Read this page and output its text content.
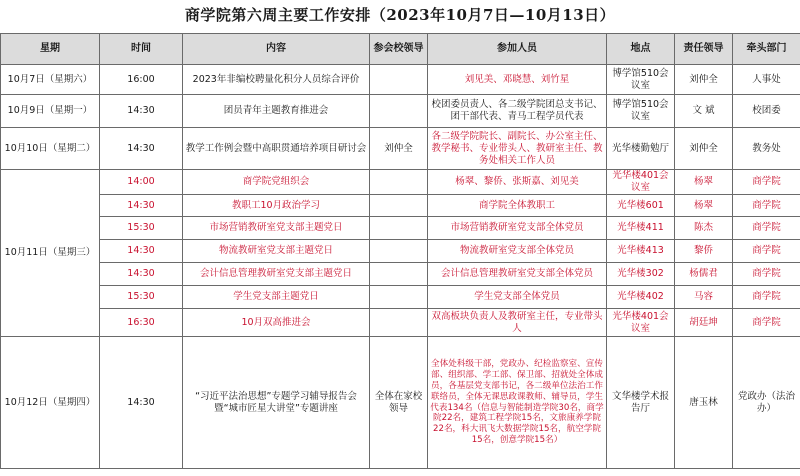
商学院第六周主要工作安排（2023年10月7日—10月13日）
星期	时间	内容	参会校领导	参加人员	地点	责任领导	牵头部门
10月7日（星期六）	16:00	2023年非编校聘量化积分人员综合评价		刘见美、邓晓慧、刘竹星	博学馆510会议室	刘仲全	人事处
10月9日（星期一）	14:30	团员青年主题教育推进会		校团委员责人、各二级学院团总支书记、团干部代表、青马工程学员代表	博学馆510会议室	文 斌	校团委
10月10日（星期二）	14:30	教学工作例会暨中高职贯通培养项目研讨会	刘仲全	各二级学院院长、副院长、办公室主任、教学秘书、专业带头人、教研室主任、教务处相关工作人员	光华楼勤勉厅	刘仲全	教务处
10月11日（星期三）	14:00	商学院党组织会		杨翠、黎侨、张斯嘉、刘见美	光华楼401会议室	杨翠	商学院
	14:30	教职工10月政治学习		商学院全体教职工	光华楼601	杨翠	商学院
	15:30	市场营销教研室党支部主题党日		市场营销教研室党支部全体党员	光华楼411	陈杰	商学院
	14:30	物流教研室党支部主题党日		物流教研室党支部全体党员	光华楼413	黎侨	商学院
	14:30	会计信息管理教研室党支部主题党日		会计信息管理教研室党支部全体党员	光华楼302	杨儒君	商学院
	15:30	学生党支部主题党日		学生党支部全体党员	光华楼402	马容	商学院
	16:30	10月双高推进会		双高板块负责人及教研室主任，专业带头人	光华楼401会议室	胡廷坤	商学院
10月12日（星期四）	14:30	“习近平法治思想”专题学习辅导报告会暨“城市匠星大讲堂”专题讲座	全体在家校领导	全体处科级干部，党政办、纪检监察室、宣传部、组织部、学工部、保卫部、招就处全体成员，各基层党支部书记，各二级单位法治工作联络员，全体无课思政课教师、辅导员，学生代表134名（信息与智能制造学院30名，商学院22名，建筑工程学院15名，文旅康养学院22名，科大讯飞大数据学院15名，航空学院15名，创意学院15名）	文华楼学术报告厅	唐玉林	党政办（法治办）
